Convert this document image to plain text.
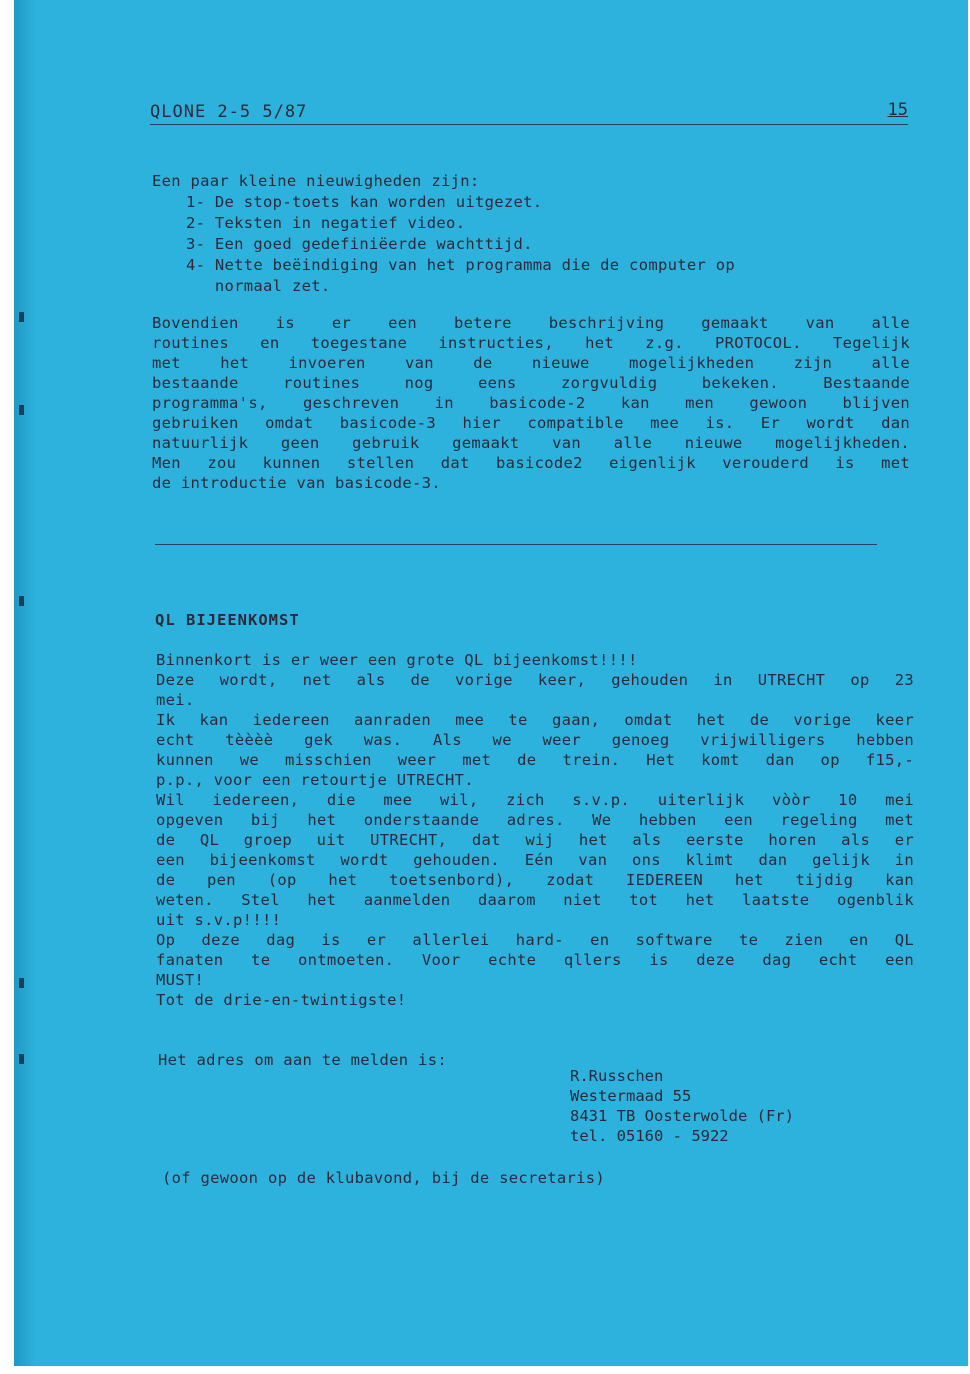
QLONE 2-5 5/87	15
Een paar kleine nieuwigheden zijn:
1- De stop-toets kan worden uitgezet.
2- Teksten in negatief video.
3- Een goed gedefiniëerde wachttijd.
4- Nette beëindiging van het programma die de computer op
normaal zet.
Bovendien is er een betere beschrijving gemaakt van alle
routines en toegestane instructies, het z.g. PROTOCOL. Tegelijk
met het invoeren van de nieuwe mogelijkheden zijn alle
bestaande routines nog eens zorgvuldig bekeken. Bestaande
programma's, geschreven in basicode-2 kan men gewoon blijven
gebruiken omdat basicode-3 hier compatible mee is. Er wordt dan
natuurlijk geen gebruik gemaakt van alle nieuwe mogelijkheden.
Men zou kunnen stellen dat basicode2 eigenlijk verouderd is met
de introductie van basicode-3.
QL BIJEENKOMST
Binnenkort is er weer een grote QL bijeenkomst!!!!
Deze wordt, net als de vorige keer, gehouden in UTRECHT op 23
mei.
Ik kan iedereen aanraden mee te gaan, omdat het de vorige keer
echt tèèèè gek was. Als we weer genoeg vrijwilligers hebben
kunnen we misschien weer met de trein. Het komt dan op f15,-
p.p., voor een retourtje UTRECHT.
Wil iedereen, die mee wil, zich s.v.p. uiterlijk vòòr 10 mei
opgeven bij het onderstaande adres. We hebben een regeling met
de QL groep uit UTRECHT, dat wij het als eerste horen als er
een bijeenkomst wordt gehouden. Eén van ons klimt dan gelijk in
de pen (op het toetsenbord), zodat IEDEREEN het tijdig kan
weten. Stel het aanmelden daarom niet tot het laatste ogenblik
uit s.v.p!!!!
Op deze dag is er allerlei hard- en software te zien en QL
fanaten te ontmoeten. Voor echte qllers is deze dag echt een
MUST!
Tot de drie-en-twintigste!
Het adres om aan te melden is:
R.Russchen
Westermaad 55
8431 TB Oosterwolde (Fr)
tel. 05160 - 5922
(of gewoon op de klubavond, bij de secretaris)
